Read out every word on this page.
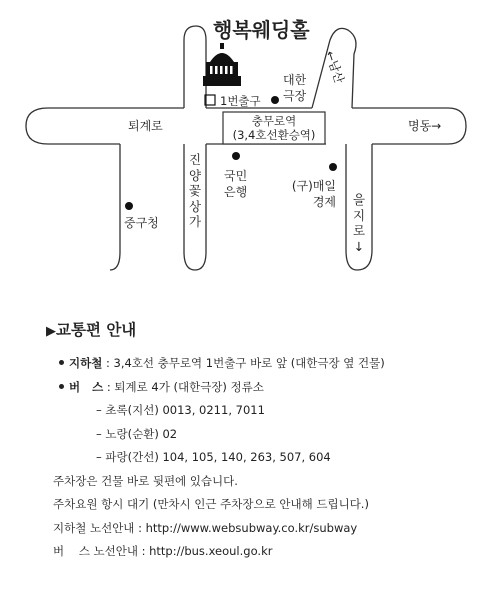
행복웨딩홀
1번출구
대한극장
충무로역
(3,4호선환승역)
퇴계로	명동→
←남산
진양꽃상가
국민은행	(구)매일경제
중구청
을지로↓
▶교통편 안내
지하철 : 3,4호선 충무로역 1번출구 바로 앞 (대한극장 옆 건물)
버   스 : 퇴계로 4가 (대한극장) 정류소
– 초록(지선) 0013, 0211, 7011
– 노랑(순환) 02
– 파랑(간선) 104, 105, 140, 263, 507, 604
주차장은 건물 바로 뒷편에 있습니다.
주차요원 항시 대기 (만차시 인근 주차장으로 안내해 드립니다.)
지하철 노선안내 : http://www.websubway.co.kr/subway
버    스 노선안내 : http://bus.xeoul.go.kr
